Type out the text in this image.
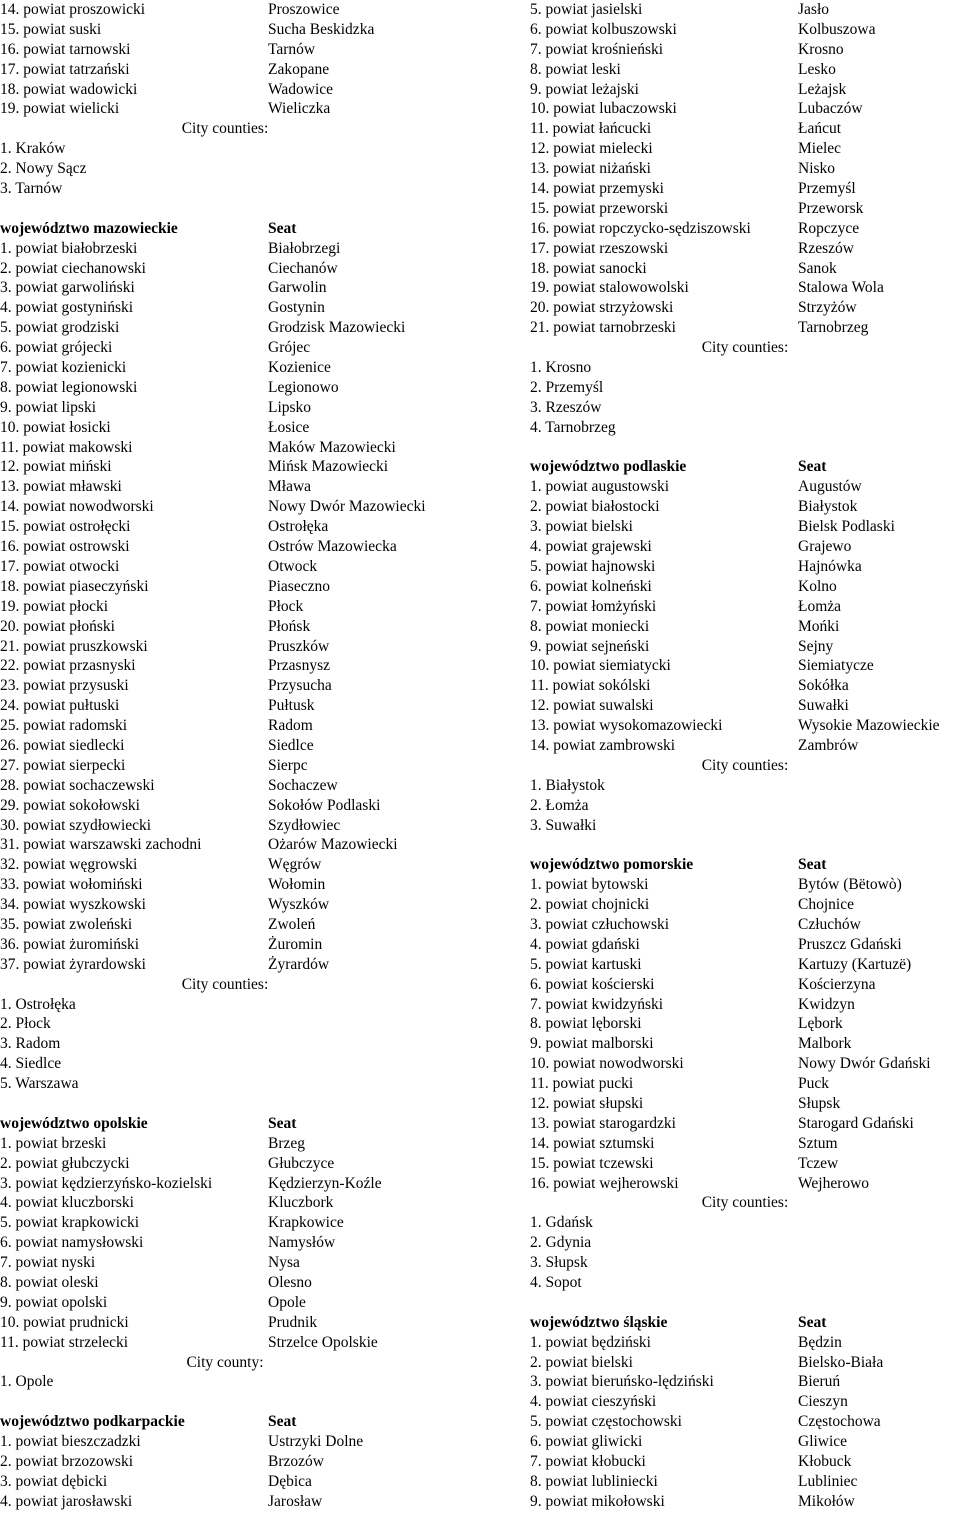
14. powiat proszowicki	Proszowice
15. powiat suski	Sucha Beskidzka
16. powiat tarnowski	Tarnów
17. powiat tatrzański	Zakopane
18. powiat wadowicki	Wadowice
19. powiat wielicki	Wieliczka
City counties:
1. Kraków
2. Nowy Sącz
3. Tarnów
województwo mazowieckie	Seat
1. powiat białobrzeski	Białobrzegi
2. powiat ciechanowski	Ciechanów
3. powiat garwoliński	Garwolin
4. powiat gostyniński	Gostynin
5. powiat grodziski	Grodzisk Mazowiecki
6. powiat grójecki	Grójec
7. powiat kozienicki	Kozienice
8. powiat legionowski	Legionowo
9. powiat lipski	Lipsko
10. powiat łosicki	Łosice
11. powiat makowski	Maków Mazowiecki
12. powiat miński	Mińsk Mazowiecki
13. powiat mławski	Mława
14. powiat nowodworski	Nowy Dwór Mazowiecki
15. powiat ostrołęcki	Ostrołęka
16. powiat ostrowski	Ostrów Mazowiecka
17. powiat otwocki	Otwock
18. powiat piaseczyński	Piaseczno
19. powiat płocki	Płock
20. powiat płoński	Płońsk
21. powiat pruszkowski	Pruszków
22. powiat przasnyski	Przasnysz
23. powiat przysuski	Przysucha
24. powiat pułtuski	Pułtusk
25. powiat radomski	Radom
26. powiat siedlecki	Siedlce
27. powiat sierpecki	Sierpc
28. powiat sochaczewski	Sochaczew
29. powiat sokołowski	Sokołów Podlaski
30. powiat szydłowiecki	Szydłowiec
31. powiat warszawski zachodni	Ożarów Mazowiecki
32. powiat węgrowski	Węgrów
33. powiat wołomiński	Wołomin
34. powiat wyszkowski	Wyszków
35. powiat zwoleński	Zwoleń
36. powiat żuromiński	Żuromin
37. powiat żyrardowski	Żyrardów
City counties:
1. Ostrołęka
2. Płock
3. Radom
4. Siedlce
5. Warszawa
województwo opolskie	Seat
1. powiat brzeski	Brzeg
2. powiat głubczycki	Głubczyce
3. powiat kędzierzyńsko-kozielski	Kędzierzyn-Koźle
4. powiat kluczborski	Kluczbork
5. powiat krapkowicki	Krapkowice
6. powiat namysłowski	Namysłów
7. powiat nyski	Nysa
8. powiat oleski	Olesno
9. powiat opolski	Opole
10. powiat prudnicki	Prudnik
11. powiat strzelecki	Strzelce Opolskie
City county:
1. Opole
województwo podkarpackie	Seat
1. powiat bieszczadzki	Ustrzyki Dolne
2. powiat brzozowski	Brzozów
3. powiat dębicki	Dębica
4. powiat jarosławski	Jarosław
5. powiat jasielski	Jasło
6. powiat kolbuszowski	Kolbuszowa
7. powiat krośnieński	Krosno
8. powiat leski	Lesko
9. powiat leżajski	Leżajsk
10. powiat lubaczowski	Lubaczów
11. powiat łańcucki	Łańcut
12. powiat mielecki	Mielec
13. powiat niżański	Nisko
14. powiat przemyski	Przemyśl
15. powiat przeworski	Przeworsk
16. powiat ropczycko-sędziszowski	Ropczyce
17. powiat rzeszowski	Rzeszów
18. powiat sanocki	Sanok
19. powiat stalowowolski	Stalowa Wola
20. powiat strzyżowski	Strzyżów
21. powiat tarnobrzeski	Tarnobrzeg
City counties:
1. Krosno
2. Przemyśl
3. Rzeszów
4. Tarnobrzeg
województwo podlaskie	Seat
1. powiat augustowski	Augustów
2. powiat białostocki	Białystok
3. powiat bielski	Bielsk Podlaski
4. powiat grajewski	Grajewo
5. powiat hajnowski	Hajnówka
6. powiat kolneński	Kolno
7. powiat łomżyński	Łomża
8. powiat moniecki	Mońki
9. powiat sejneński	Sejny
10. powiat siemiatycki	Siemiatycze
11. powiat sokólski	Sokółka
12. powiat suwalski	Suwałki
13. powiat wysokomazowiecki	Wysokie Mazowieckie
14. powiat zambrowski	Zambrów
City counties:
1. Białystok
2. Łomża
3. Suwałki
województwo pomorskie	Seat
1. powiat bytowski	Bytów (Bëtowò)
2. powiat chojnicki	Chojnice
3. powiat człuchowski	Człuchów
4. powiat gdański	Pruszcz Gdański
5. powiat kartuski	Kartuzy (Kartuzë)
6. powiat kościerski	Kościerzyna
7. powiat kwidzyński	Kwidzyn
8. powiat lęborski	Lębork
9. powiat malborski	Malbork
10. powiat nowodworski	Nowy Dwór Gdański
11. powiat pucki	Puck
12. powiat słupski	Słupsk
13. powiat starogardzki	Starogard Gdański
14. powiat sztumski	Sztum
15. powiat tczewski	Tczew
16. powiat wejherowski	Wejherowo
City counties:
1. Gdańsk
2. Gdynia
3. Słupsk
4. Sopot
województwo śląskie	Seat
1. powiat będziński	Będzin
2. powiat bielski	Bielsko-Biała
3. powiat bieruńsko-lędziński	Bieruń
4. powiat cieszyński	Cieszyn
5. powiat częstochowski	Częstochowa
6. powiat gliwicki	Gliwice
7. powiat kłobucki	Kłobuck
8. powiat lubliniecki	Lubliniec
9. powiat mikołowski	Mikołów
